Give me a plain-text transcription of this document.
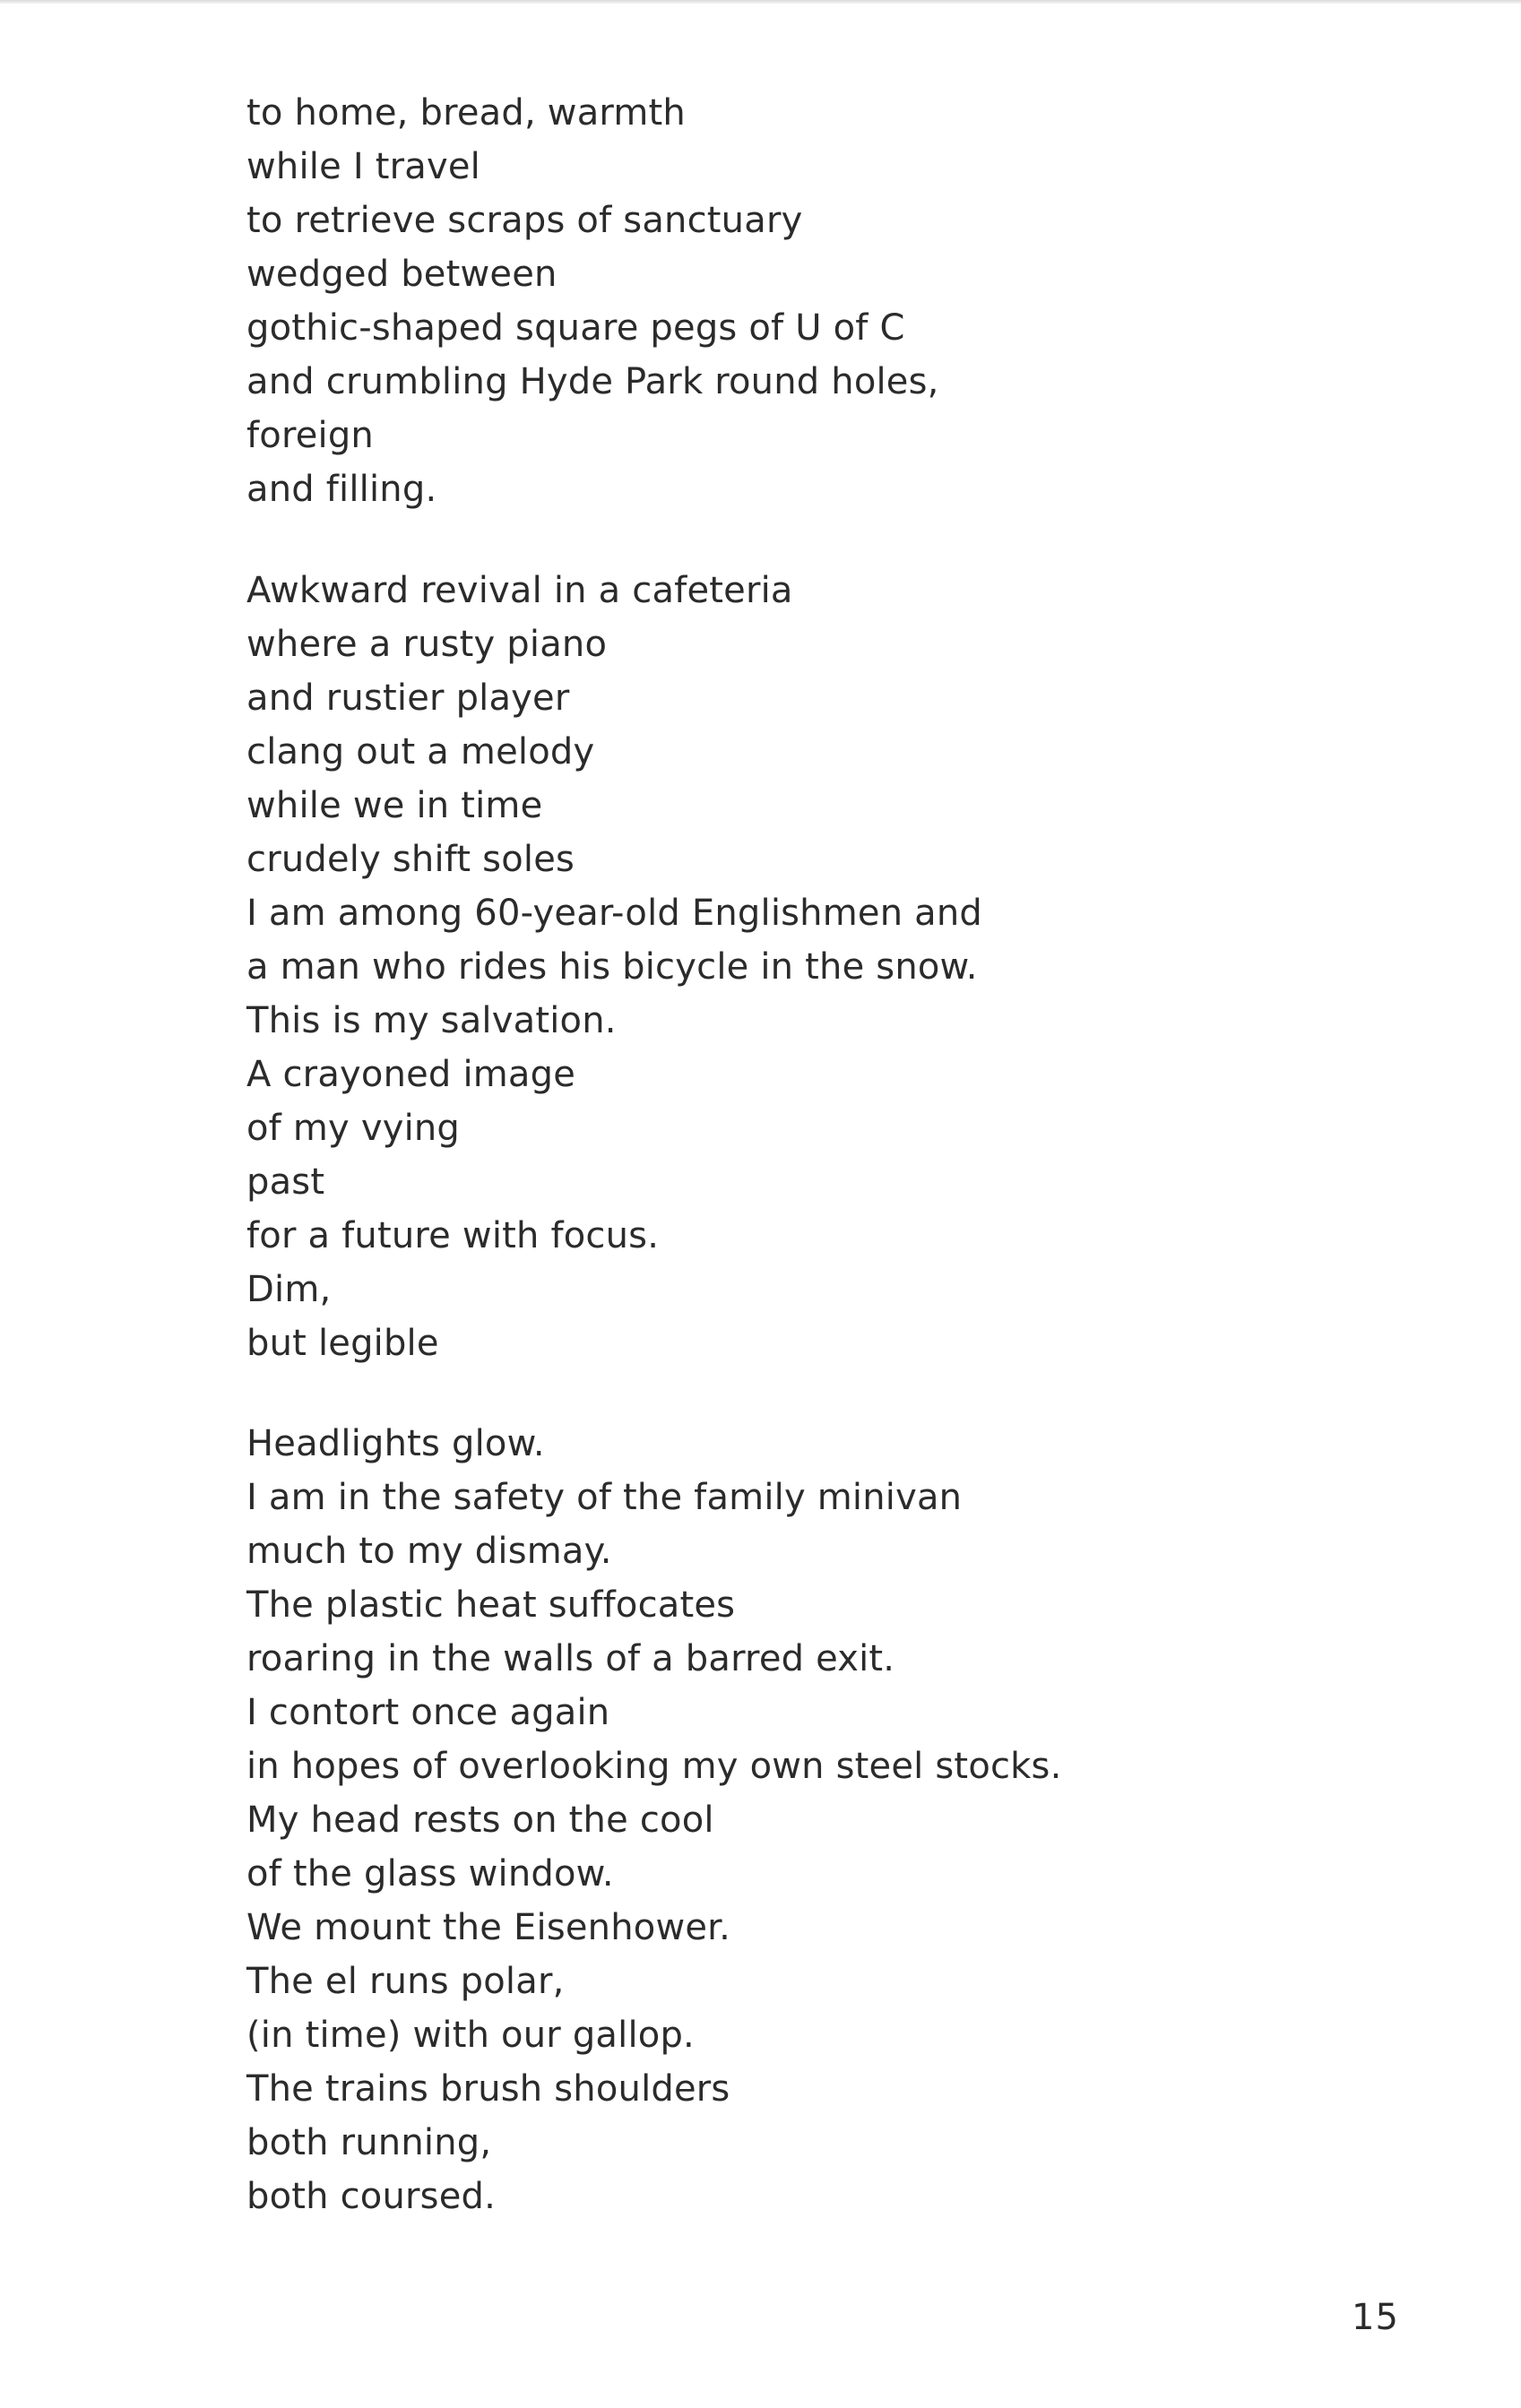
to home, bread, warmth
while I travel
to retrieve scraps of sanctuary
wedged between
gothic-shaped square pegs of U of C
and crumbling Hyde Park round holes,
foreign
and filling.
Awkward revival in a cafeteria
where a rusty piano
and rustier player
clang out a melody
while we in time
crudely shift soles
I am among 60-year-old Englishmen and
a man who rides his bicycle in the snow.
This is my salvation.
A crayoned image
of my vying
past
for a future with focus.
Dim,
but legible
Headlights glow.
I am in the safety of the family minivan
much to my dismay.
The plastic heat suffocates
roaring in the walls of a barred exit.
I contort once again
in hopes of overlooking my own steel stocks.
My head rests on the cool
of the glass window.
We mount the Eisenhower.
The el runs polar,
(in time) with our gallop.
The trains brush shoulders
both running,
both coursed.
15
